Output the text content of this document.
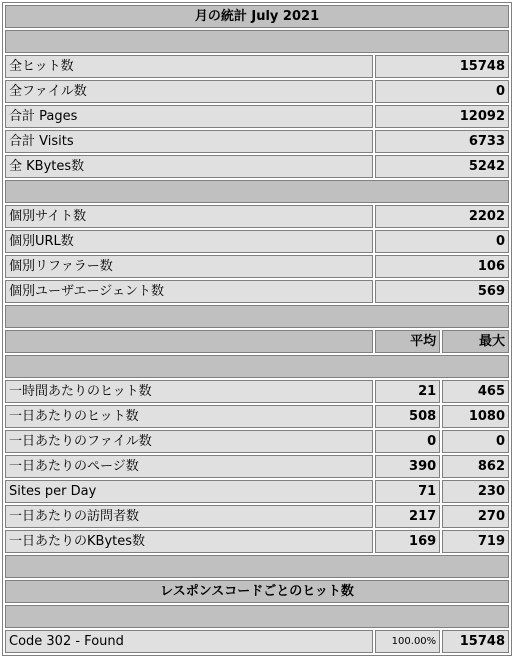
月の統計 July 2021		

全ヒット数	15748	
全ファイル数	0	
合計 Pages	12092	
合計 Visits	6733	
全 KBytes数	5242	

個別サイト数	2202	
個別URL数	0	
個別リファラー数	106	
個別ユーザエージェント数	569	

	平均	最大

一時間あたりのヒット数	21	465
一日あたりのヒット数	508	1080
一日あたりのファイル数	0	0
一日あたりのページ数	390	862
Sites per Day	71	230
一日あたりの訪問者数	217	270
一日あたりのKBytes数	169	719

レスポンスコードごとのヒット数		

Code 302 - Found	100.00%	15748
